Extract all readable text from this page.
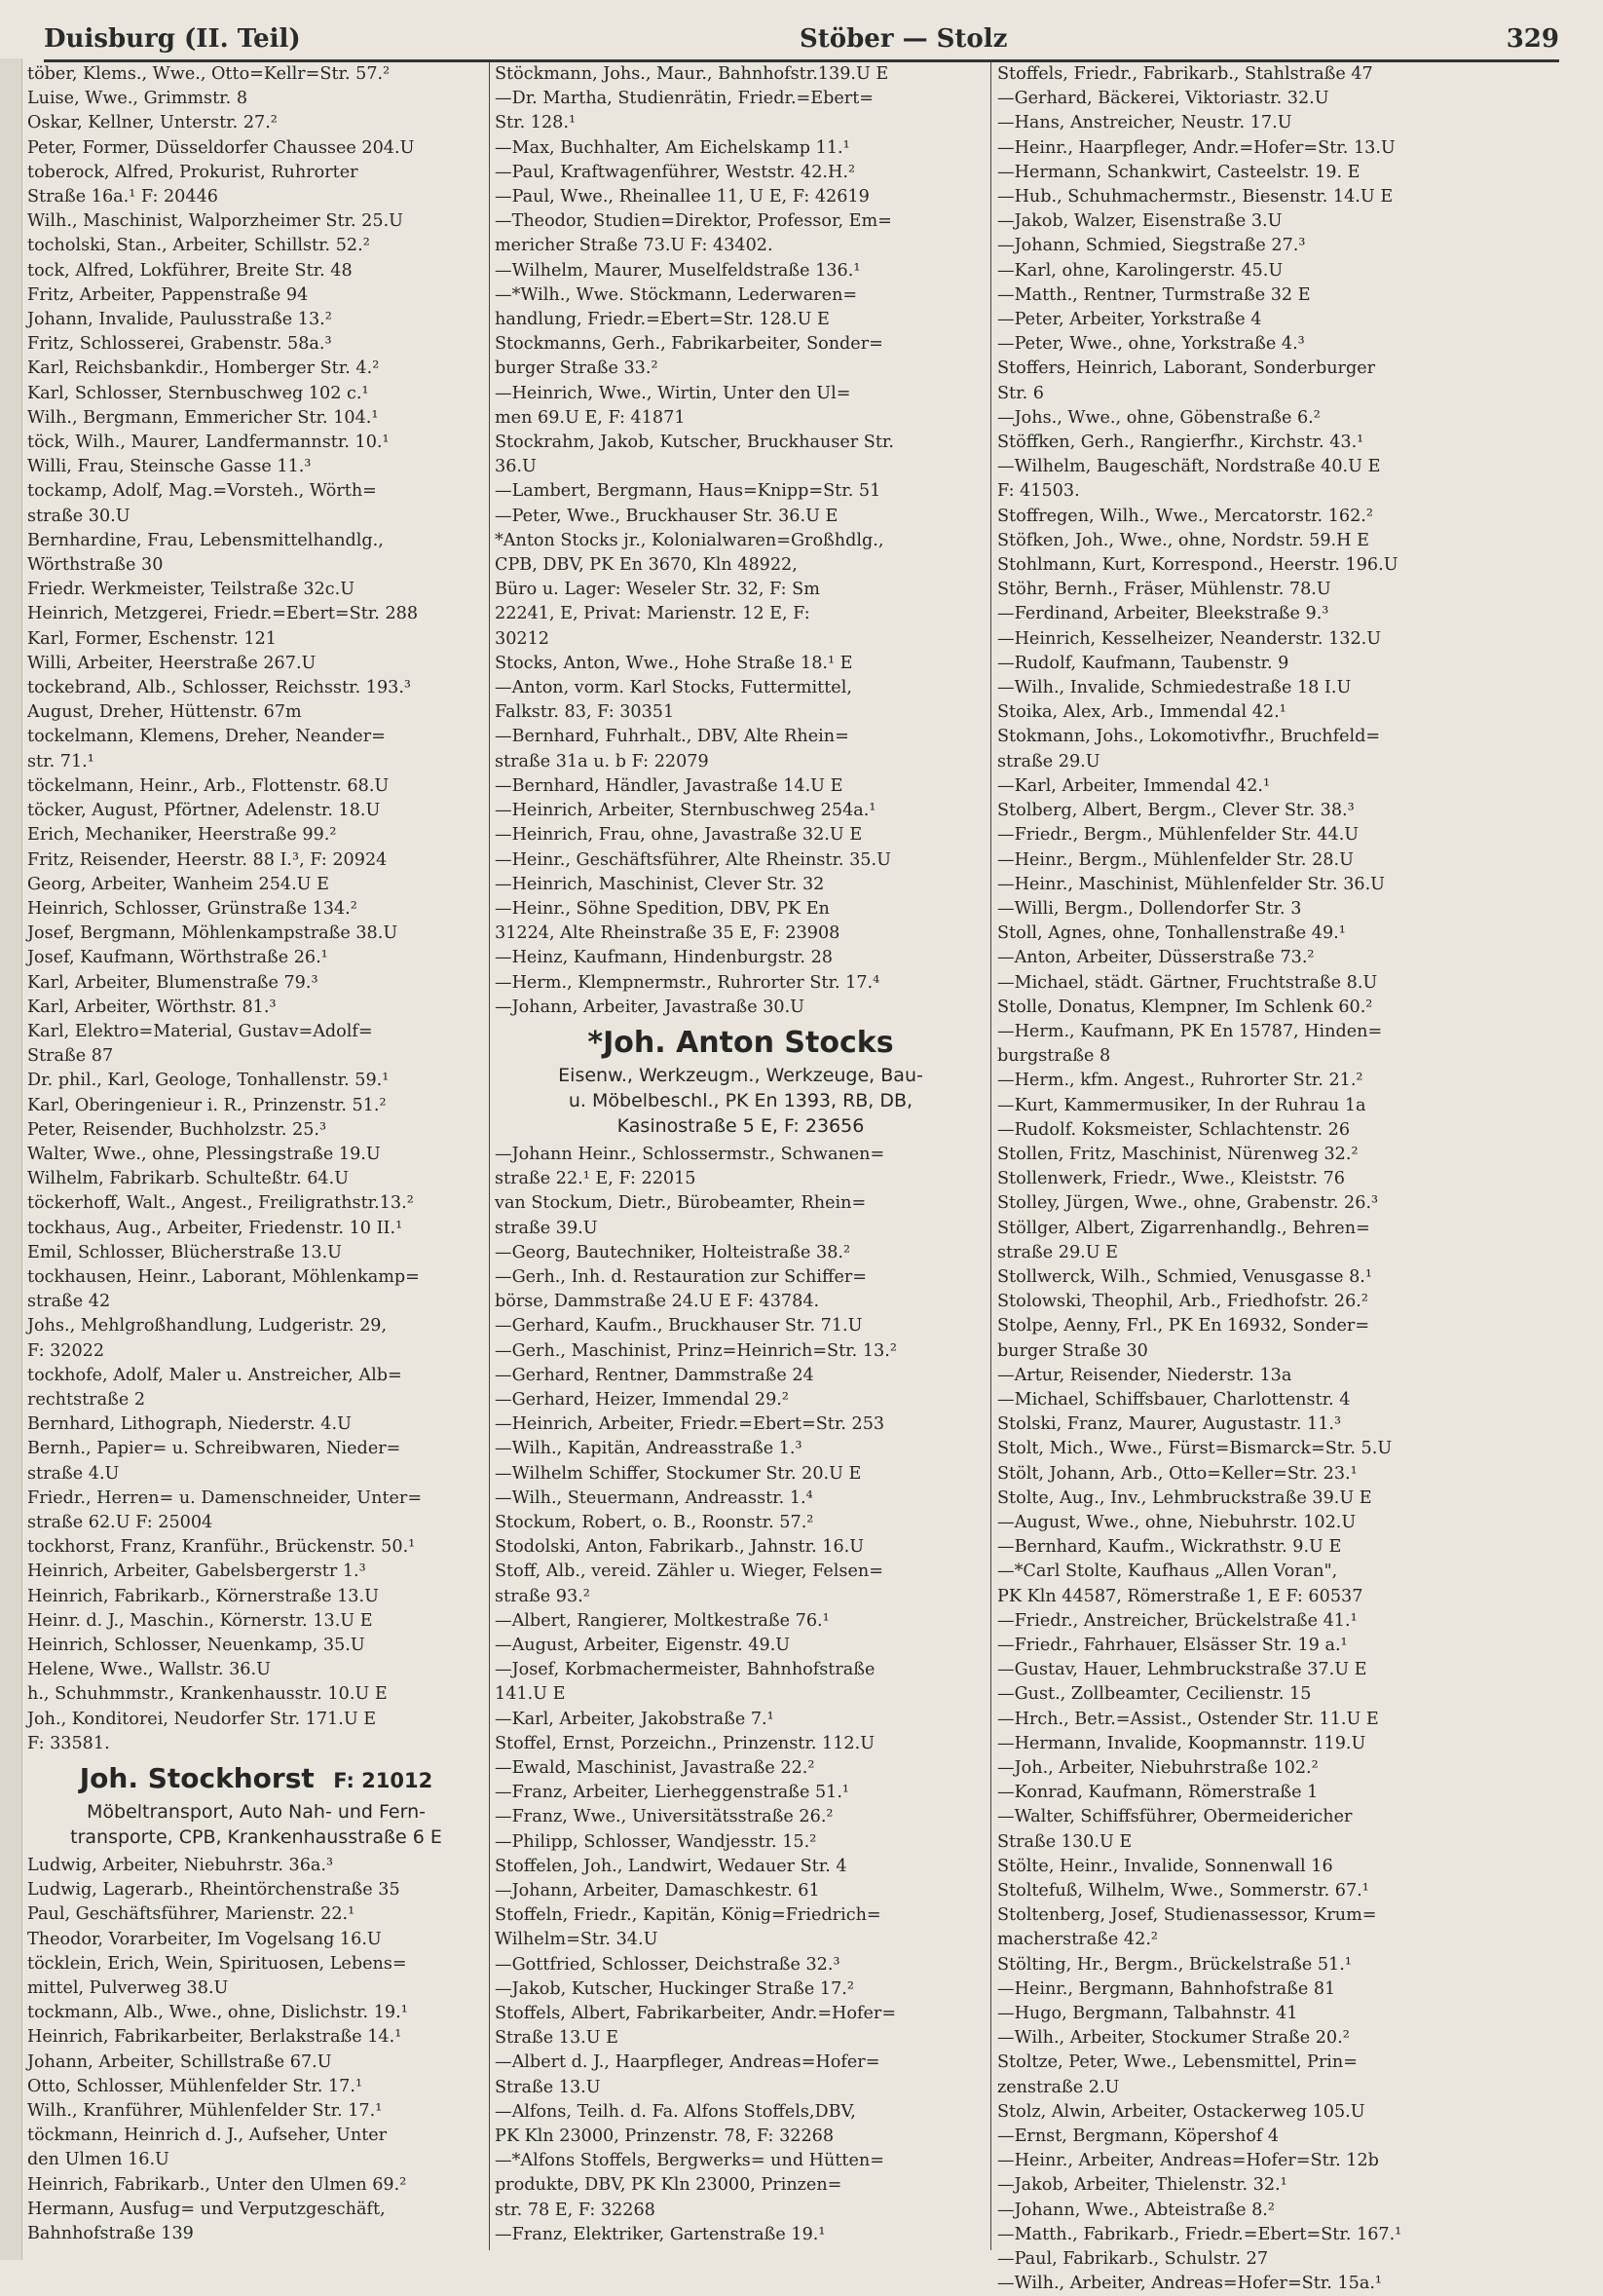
Duisburg (II. Teil)	Stöber — Stolz	329
töber, Klems., Wwe., Otto=Kellr=Str. 57.²
Luise, Wwe., Grimmstr. 8
Oskar, Kellner, Unterstr. 27.²
Peter, Former, Düsseldorfer Chaussee 204.U
toberock, Alfred, Prokurist, Ruhrorter
Straße 16a.¹ F: 20446
Wilh., Maschinist, Walporzheimer Str. 25.U
tocholski, Stan., Arbeiter, Schillstr. 52.²
tock, Alfred, Lokführer, Breite Str. 48
Fritz, Arbeiter, Pappenstraße 94
Johann, Invalide, Paulusstraße 13.²
Fritz, Schlosserei, Grabenstr. 58a.³
Karl, Reichsbankdir., Homberger Str. 4.²
Karl, Schlosser, Sternbuschweg 102 c.¹
Wilh., Bergmann, Emmericher Str. 104.¹
töck, Wilh., Maurer, Landfermannstr. 10.¹
Willi, Frau, Steinsche Gasse 11.³
tockamp, Adolf, Mag.=Vorsteh., Wörth=
straße 30.U
Bernhardine, Frau, Lebensmittelhandlg.,
Wörthstraße 30
Friedr. Werkmeister, Teilstraße 32c.U
Heinrich, Metzgerei, Friedr.=Ebert=Str. 288
Karl, Former, Eschenstr. 121
Willi, Arbeiter, Heerstraße 267.U
tockebrand, Alb., Schlosser, Reichsstr. 193.³
August, Dreher, Hüttenstr. 67m
tockelmann, Klemens, Dreher, Neander=
str. 71.¹
töckelmann, Heinr., Arb., Flottenstr. 68.U
töcker, August, Pförtner, Adelenstr. 18.U
Erich, Mechaniker, Heerstraße 99.²
Fritz, Reisender, Heerstr. 88 I.³, F: 20924
Georg, Arbeiter, Wanheim 254.U E
Heinrich, Schlosser, Grünstraße 134.²
Josef, Bergmann, Möhlenkampstraße 38.U
Josef, Kaufmann, Wörthstraße 26.¹
Karl, Arbeiter, Blumenstraße 79.³
Karl, Arbeiter, Wörthstr. 81.³
Karl, Elektro=Material, Gustav=Adolf=
Straße 87
Dr. phil., Karl, Geologe, Tonhallenstr. 59.¹
Karl, Oberingenieur i. R., Prinzenstr. 51.²
Peter, Reisender, Buchholzstr. 25.³
Walter, Wwe., ohne, Plessingstraße 19.U
Wilhelm, Fabrikarb. Schulteßtr. 64.U
töckerhoff, Walt., Angest., Freiligrathstr.13.²
tockhaus, Aug., Arbeiter, Friedenstr. 10 II.¹
Emil, Schlosser, Blücherstraße 13.U
tockhausen, Heinr., Laborant, Möhlenkamp=
straße 42
Johs., Mehlgroßhandlung, Ludgeristr. 29,
F: 32022
tockhofe, Adolf, Maler u. Anstreicher, Alb=
rechtstraße 2
Bernhard, Lithograph, Niederstr. 4.U
Bernh., Papier= u. Schreibwaren, Nieder=
straße 4.U
Friedr., Herren= u. Damenschneider, Unter=
straße 62.U F: 25004
tockhorst, Franz, Kranführ., Brückenstr. 50.¹
Heinrich, Arbeiter, Gabelsbergerstr 1.³
Heinrich, Fabrikarb., Körnerstraße 13.U
Heinr. d. J., Maschin., Körnerstr. 13.U E
Heinrich, Schlosser, Neuenkamp, 35.U
Helene, Wwe., Wallstr. 36.U
h., Schuhmmstr., Krankenhausstr. 10.U E
Joh., Konditorei, Neudorfer Str. 171.U E
F: 33581.
Joh. Stockhorst F: 21012
Möbeltransport, Auto Nah- und Fern-
transporte, CPB, Krankenhausstraße 6 E
Ludwig, Arbeiter, Niebuhrstr. 36a.³
Ludwig, Lagerarb., Rheintörchenstraße 35
Paul, Geschäftsführer, Marienstr. 22.¹
Theodor, Vorarbeiter, Im Vogelsang 16.U
töcklein, Erich, Wein, Spirituosen, Lebens=
mittel, Pulverweg 38.U
tockmann, Alb., Wwe., ohne, Dislichstr. 19.¹
Heinrich, Fabrikarbeiter, Berlakstraße 14.¹
Johann, Arbeiter, Schillstraße 67.U
Otto, Schlosser, Mühlenfelder Str. 17.¹
Wilh., Kranführer, Mühlenfelder Str. 17.¹
töckmann, Heinrich d. J., Aufseher, Unter
den Ulmen 16.U
Heinrich, Fabrikarb., Unter den Ulmen 69.²
Hermann, Ausfug= und Verputzgeschäft,
Bahnhofstraße 139
Stöckmann, Johs., Maur., Bahnhofstr.139.U E
—Dr. Martha, Studienrätin, Friedr.=Ebert=
Str. 128.¹
—Max, Buchhalter, Am Eichelskamp 11.¹
—Paul, Kraftwagenführer, Weststr. 42.H.²
—Paul, Wwe., Rheinallee 11, U E, F: 42619
—Theodor, Studien=Direktor, Professor, Em=
mericher Straße 73.U F: 43402.
—Wilhelm, Maurer, Muselfeldstraße 136.¹
—*Wilh., Wwe. Stöckmann, Lederwaren=
handlung, Friedr.=Ebert=Str. 128.U E
Stockmanns, Gerh., Fabrikarbeiter, Sonder=
burger Straße 33.²
—Heinrich, Wwe., Wirtin, Unter den Ul=
men 69.U E, F: 41871
Stockrahm, Jakob, Kutscher, Bruckhauser Str.
36.U
—Lambert, Bergmann, Haus=Knipp=Str. 51
—Peter, Wwe., Bruckhauser Str. 36.U E
*Anton Stocks jr., Kolonialwaren=Großhdlg.,
CPB, DBV, PK En 3670, Kln 48922,
Büro u. Lager: Weseler Str. 32, F: Sm
22241, E, Privat: Marienstr. 12 E, F:
30212
Stocks, Anton, Wwe., Hohe Straße 18.¹ E
—Anton, vorm. Karl Stocks, Futtermittel,
Falkstr. 83, F: 30351
—Bernhard, Fuhrhalt., DBV, Alte Rhein=
straße 31a u. b F: 22079
—Bernhard, Händler, Javastraße 14.U E
—Heinrich, Arbeiter, Sternbuschweg 254a.¹
—Heinrich, Frau, ohne, Javastraße 32.U E
—Heinr., Geschäftsführer, Alte Rheinstr. 35.U
—Heinrich, Maschinist, Clever Str. 32
—Heinr., Söhne Spedition, DBV, PK En
31224, Alte Rheinstraße 35 E, F: 23908
—Heinz, Kaufmann, Hindenburgstr. 28
—Herm., Klempnermstr., Ruhrorter Str. 17.⁴
—Johann, Arbeiter, Javastraße 30.U
*Joh. Anton Stocks
Eisenw., Werkzeugm., Werkzeuge, Bau-
u. Möbelbeschl., PK En 1393, RB, DB,
Kasinostraße 5 E, F: 23656
—Johann Heinr., Schlossermstr., Schwanen=
straße 22.¹ E, F: 22015
van Stockum, Dietr., Bürobeamter, Rhein=
straße 39.U
—Georg, Bautechniker, Holteistraße 38.²
—Gerh., Inh. d. Restauration zur Schiffer=
börse, Dammstraße 24.U E F: 43784.
—Gerhard, Kaufm., Bruckhauser Str. 71.U
—Gerh., Maschinist, Prinz=Heinrich=Str. 13.²
—Gerhard, Rentner, Dammstraße 24
—Gerhard, Heizer, Immendal 29.²
—Heinrich, Arbeiter, Friedr.=Ebert=Str. 253
—Wilh., Kapitän, Andreasstraße 1.³
—Wilhelm Schiffer, Stockumer Str. 20.U E
—Wilh., Steuermann, Andreasstr. 1.⁴
Stockum, Robert, o. B., Roonstr. 57.²
Stodolski, Anton, Fabrikarb., Jahnstr. 16.U
Stoff, Alb., vereid. Zähler u. Wieger, Felsen=
straße 93.²
—Albert, Rangierer, Moltkestraße 76.¹
—August, Arbeiter, Eigenstr. 49.U
—Josef, Korbmachermeister, Bahnhofstraße
141.U E
—Karl, Arbeiter, Jakobstraße 7.¹
Stoffel, Ernst, Porzeichn., Prinzenstr. 112.U
—Ewald, Maschinist, Javastraße 22.²
—Franz, Arbeiter, Lierheggenstraße 51.¹
—Franz, Wwe., Universitätsstraße 26.²
—Philipp, Schlosser, Wandjesstr. 15.²
Stoffelen, Joh., Landwirt, Wedauer Str. 4
—Johann, Arbeiter, Damaschkestr. 61
Stoffeln, Friedr., Kapitän, König=Friedrich=
Wilhelm=Str. 34.U
—Gottfried, Schlosser, Deichstraße 32.³
—Jakob, Kutscher, Huckinger Straße 17.²
Stoffels, Albert, Fabrikarbeiter, Andr.=Hofer=
Straße 13.U E
—Albert d. J., Haarpfleger, Andreas=Hofer=
Straße 13.U
—Alfons, Teilh. d. Fa. Alfons Stoffels,DBV,
PK Kln 23000, Prinzenstr. 78, F: 32268
—*Alfons Stoffels, Bergwerks= und Hütten=
produkte, DBV, PK Kln 23000, Prinzen=
str. 78 E, F: 32268
—Franz, Elektriker, Gartenstraße 19.¹
Stoffels, Friedr., Fabrikarb., Stahlstraße 47
—Gerhard, Bäckerei, Viktoriastr. 32.U
—Hans, Anstreicher, Neustr. 17.U
—Heinr., Haarpfleger, Andr.=Hofer=Str. 13.U
—Hermann, Schankwirt, Casteelstr. 19. E
—Hub., Schuhmachermstr., Biesenstr. 14.U E
—Jakob, Walzer, Eisenstraße 3.U
—Johann, Schmied, Siegstraße 27.³
—Karl, ohne, Karolingerstr. 45.U
—Matth., Rentner, Turmstraße 32 E
—Peter, Arbeiter, Yorkstraße 4
—Peter, Wwe., ohne, Yorkstraße 4.³
Stoffers, Heinrich, Laborant, Sonderburger
Str. 6
—Johs., Wwe., ohne, Göbenstraße 6.²
Stöffken, Gerh., Rangierfhr., Kirchstr. 43.¹
—Wilhelm, Baugeschäft, Nordstraße 40.U E
F: 41503.
Stoffregen, Wilh., Wwe., Mercatorstr. 162.²
Stöfken, Joh., Wwe., ohne, Nordstr. 59.H E
Stohlmann, Kurt, Korrespond., Heerstr. 196.U
Stöhr, Bernh., Fräser, Mühlenstr. 78.U
—Ferdinand, Arbeiter, Bleekstraße 9.³
—Heinrich, Kesselheizer, Neanderstr. 132.U
—Rudolf, Kaufmann, Taubenstr. 9
—Wilh., Invalide, Schmiedestraße 18 I.U
Stoika, Alex, Arb., Immendal 42.¹
Stokmann, Johs., Lokomotivfhr., Bruchfeld=
straße 29.U
—Karl, Arbeiter, Immendal 42.¹
Stolberg, Albert, Bergm., Clever Str. 38.³
—Friedr., Bergm., Mühlenfelder Str. 44.U
—Heinr., Bergm., Mühlenfelder Str. 28.U
—Heinr., Maschinist, Mühlenfelder Str. 36.U
—Willi, Bergm., Dollendorfer Str. 3
Stoll, Agnes, ohne, Tonhallenstraße 49.¹
—Anton, Arbeiter, Düsserstraße 73.²
—Michael, städt. Gärtner, Fruchtstraße 8.U
Stolle, Donatus, Klempner, Im Schlenk 60.²
—Herm., Kaufmann, PK En 15787, Hinden=
burgstraße 8
—Herm., kfm. Angest., Ruhrorter Str. 21.²
—Kurt, Kammermusiker, In der Ruhrau 1a
—Rudolf. Koksmeister, Schlachtenstr. 26
Stollen, Fritz, Maschinist, Nürenweg 32.²
Stollenwerk, Friedr., Wwe., Kleiststr. 76
Stolley, Jürgen, Wwe., ohne, Grabenstr. 26.³
Stöllger, Albert, Zigarrenhandlg., Behren=
straße 29.U E
Stollwerck, Wilh., Schmied, Venusgasse 8.¹
Stolowski, Theophil, Arb., Friedhofstr. 26.²
Stolpe, Aenny, Frl., PK En 16932, Sonder=
burger Straße 30
—Artur, Reisender, Niederstr. 13a
—Michael, Schiffsbauer, Charlottenstr. 4
Stolski, Franz, Maurer, Augustastr. 11.³
Stolt, Mich., Wwe., Fürst=Bismarck=Str. 5.U
Stölt, Johann, Arb., Otto=Keller=Str. 23.¹
Stolte, Aug., Inv., Lehmbruckstraße 39.U E
—August, Wwe., ohne, Niebuhrstr. 102.U
—Bernhard, Kaufm., Wickrathstr. 9.U E
—*Carl Stolte, Kaufhaus „Allen Voran",
PK Kln 44587, Römerstraße 1, E F: 60537
—Friedr., Anstreicher, Brückelstraße 41.¹
—Friedr., Fahrhauer, Elsässer Str. 19 a.¹
—Gustav, Hauer, Lehmbruckstraße 37.U E
—Gust., Zollbeamter, Cecilienstr. 15
—Hrch., Betr.=Assist., Ostender Str. 11.U E
—Hermann, Invalide, Koopmannstr. 119.U
—Joh., Arbeiter, Niebuhrstraße 102.²
—Konrad, Kaufmann, Römerstraße 1
—Walter, Schiffsführer, Obermeidericher
Straße 130.U E
Stölte, Heinr., Invalide, Sonnenwall 16
Stoltefuß, Wilhelm, Wwe., Sommerstr. 67.¹
Stoltenberg, Josef, Studienassessor, Krum=
macherstraße 42.²
Stölting, Hr., Bergm., Brückelstraße 51.¹
—Heinr., Bergmann, Bahnhofstraße 81
—Hugo, Bergmann, Talbahnstr. 41
—Wilh., Arbeiter, Stockumer Straße 20.²
Stoltze, Peter, Wwe., Lebensmittel, Prin=
zenstraße 2.U
Stolz, Alwin, Arbeiter, Ostackerweg 105.U
—Ernst, Bergmann, Köpershof 4
—Heinr., Arbeiter, Andreas=Hofer=Str. 12b
—Jakob, Arbeiter, Thielenstr. 32.¹
—Johann, Wwe., Abteistraße 8.²
—Matth., Fabrikarb., Friedr.=Ebert=Str. 167.¹
—Paul, Fabrikarb., Schulstr. 27
—Wilh., Arbeiter, Andreas=Hofer=Str. 15a.¹
